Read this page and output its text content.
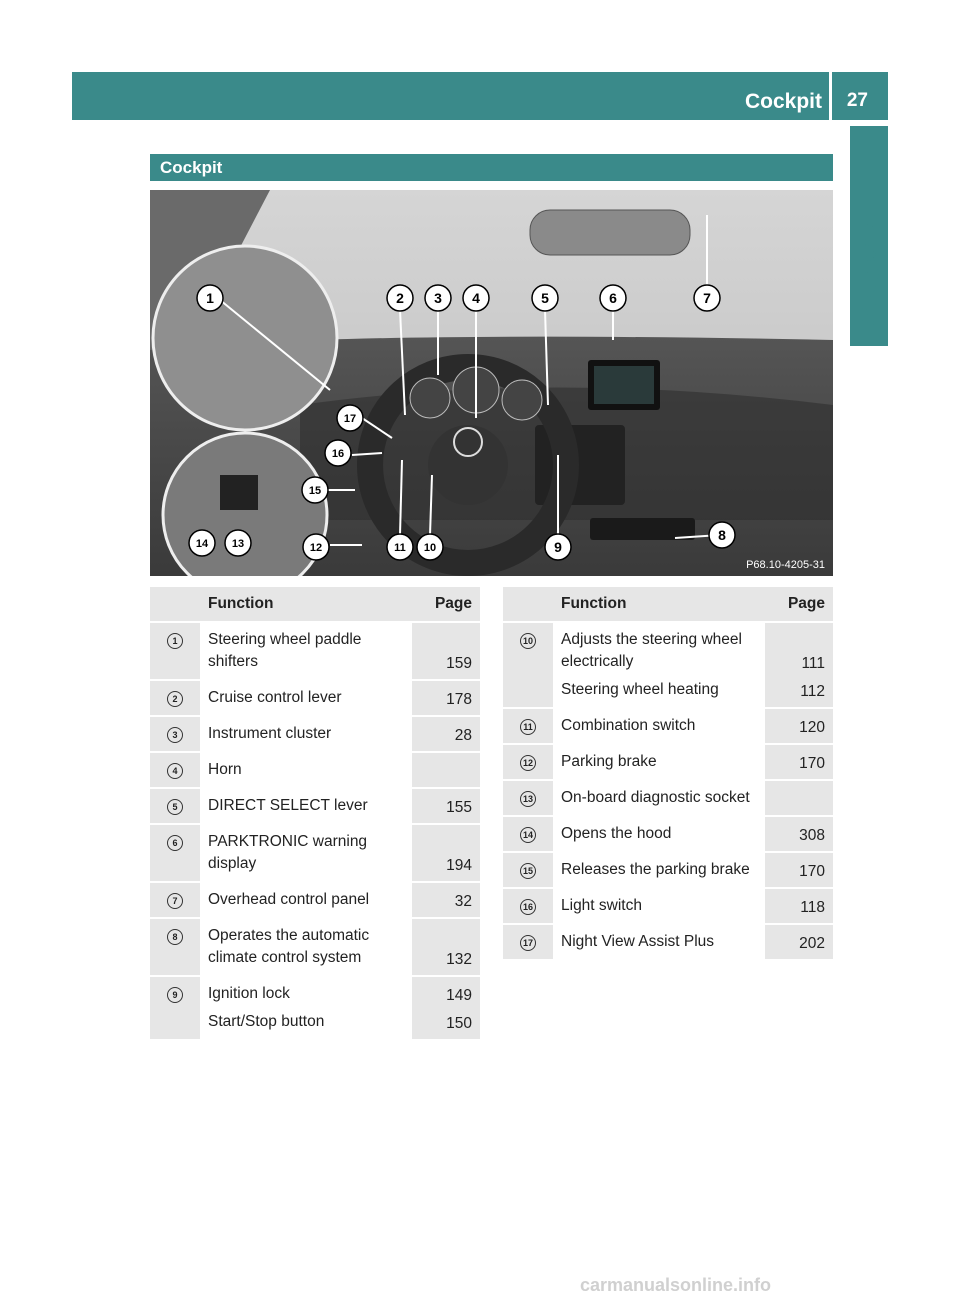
Cockpit 27
At a glance
Cockpit
1	2 3 4	5	6	7
8
9
10
11
12
13
14
15
16
17
P68.10-4205-31
	Function	Page
1	Steering wheel paddle
shifters	159
2	Cruise control lever	178
3	Instrument cluster	28
4	Horn	

5	DIRECT SELECT lever	155
6	PARKTRONIC warning
display	194
7	Overhead control panel	32
8	Operates the automatic
climate control system	132
9	Ignition lock	149
	Start/Stop button	150
	Function	Page
10	Adjusts the steering wheel
electrically	111
	Steering wheel heating	112
11	Combination switch	120
12	Parking brake	170
13	On-board diagnostic socket	

14	Opens the hood	308
15	Releases the parking brake	170
16	Light switch	118
17	Night View Assist Plus	202
carmanualsonline.info
